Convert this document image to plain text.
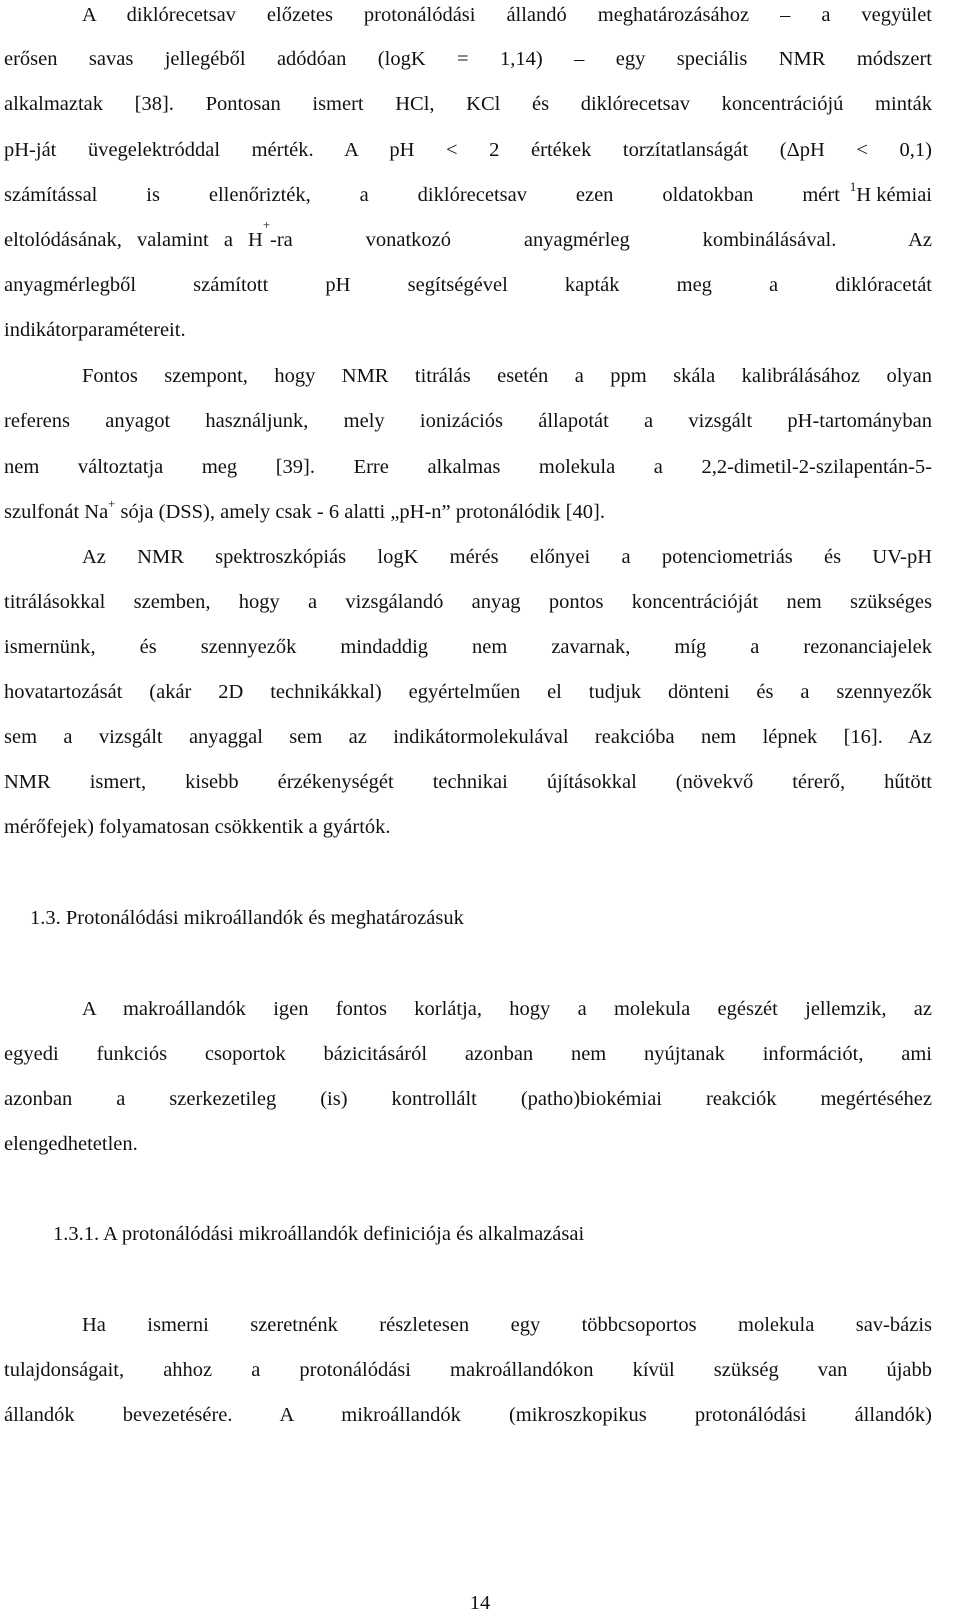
A diklórecetsav előzetes protonálódási állandó meghatározásához – a vegyület
erősen savas jellegéből adódóan (logK = 1,14) – egy speciális NMR módszert
alkalmaztak [38]. Pontosan ismert HCl, KCl és diklórecetsav koncentrációjú minták
pH-ját üvegelektróddal mérték. A pH < 2 értékek torzítatlanságát (ΔpH < 0,1)
számítással is ellenőrizték, a diklórecetsav ezen oldatokban mért $^1$H kémiai
eltolódásának, valamint a H
+
-ra vonatkozó anyagmérleg kombinálásával. Az
anyagmérlegből számított pH segítségével kapták meg a diklóracetát
indikátorparamétereit.
Fontos szempont, hogy NMR titrálás esetén a ppm skála kalibrálásához olyan
referens anyagot használjunk, mely ionizációs állapotát a vizsgált pH-tartományban
nem változtatja meg [39]. Erre alkalmas molekula a 2,2-dimetil-2-szilapentán-5-
szulfonát Na+ sója (DSS), amely csak - 6 alatti „pH-n” protonálódik [40].
Az NMR spektroszkópiás logK mérés előnyei a potenciometriás és UV-pH
titrálásokkal szemben, hogy a vizsgálandó anyag pontos koncentrációját nem szükséges
ismernünk, és szennyezők mindaddig nem zavarnak, míg a rezonanciajelek
hovatartozását (akár 2D technikákkal) egyértelműen el tudjuk dönteni és a szennyezők
sem a vizsgált anyaggal sem az indikátormolekulával reakcióba nem lépnek [16]. Az
NMR ismert, kisebb érzékenységét technikai újításokkal (növekvő térerő, hűtött
mérőfejek) folyamatosan csökkentik a gyártók.
1.3. Protonálódási mikroállandók és meghatározásuk
A makroállandók igen fontos korlátja, hogy a molekula egészét jellemzik, az
egyedi funkciós csoportok bázicitásáról azonban nem nyújtanak információt, ami
azonban a szerkezetileg (is) kontrollált (patho)biokémiai reakciók megértéséhez
elengedhetetlen.
1.3.1. A protonálódási mikroállandók definiciója és alkalmazásai
Ha ismerni szeretnénk részletesen egy többcsoportos molekula sav-bázis
tulajdonságait, ahhoz a protonálódási makroállandókon kívül szükség van újabb
állandók bevezetésére. A mikroállandók (mikroszkopikus protonálódási állandók)
14
